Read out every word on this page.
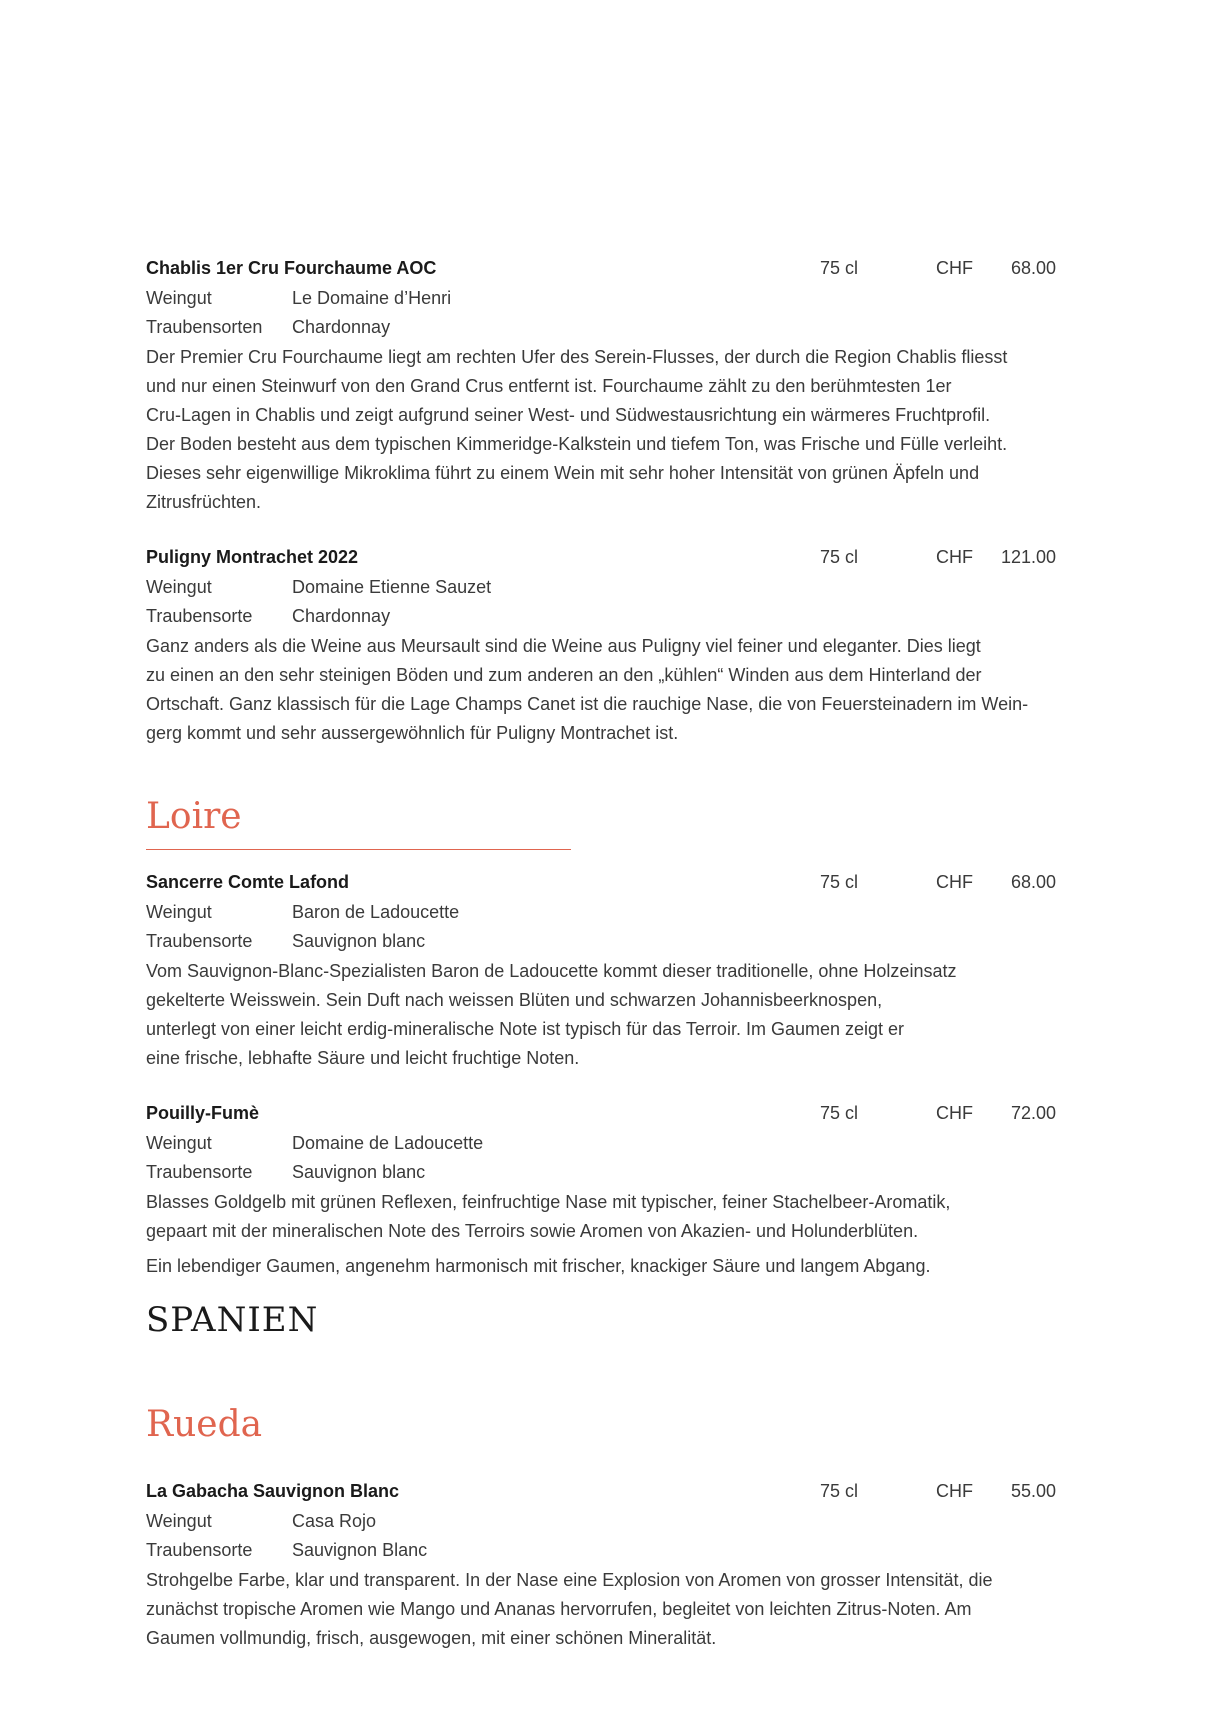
Chablis 1er Cru Fourchaume AOC	75 cl	CHF 68.00
Weingut	Le Domaine d’Henri
Traubensorten Chardonnay
Der Premier Cru Fourchaume liegt am rechten Ufer des Serein-Flusses, der durch die Region Chablis fliesst
und nur einen Steinwurf von den Grand Crus entfernt ist. Fourchaume zählt zu den berühmtesten 1er
Cru-Lagen in Chablis und zeigt aufgrund seiner West- und Südwestausrichtung ein wärmeres Fruchtprofil.
Der Boden besteht aus dem typischen Kimmeridge-Kalkstein und tiefem Ton, was Frische und Fülle verleiht.
Dieses sehr eigenwillige Mikroklima führt zu einem Wein mit sehr hoher Intensität von grünen Äpfeln und
Zitrusfrüchten.
Puligny Montrachet 2022	75 cl	CHF 121.00
Weingut	Domaine Etienne Sauzet
Traubensorte Chardonnay
Ganz anders als die Weine aus Meursault sind die Weine aus Puligny viel feiner und eleganter. Dies liegt
zu einen an den sehr steinigen Böden und zum anderen an den „kühlen“ Winden aus dem Hinterland der
Ortschaft. Ganz klassisch für die Lage Champs Canet ist die rauchige Nase, die von Feuersteinadern im Wein-
gerg kommt und sehr aussergewöhnlich für Puligny Montrachet ist.
Loire
Sancerre Comte Lafond	75 cl	CHF 68.00
Weingut	Baron de Ladoucette
Traubensorte Sauvignon blanc
Vom Sauvignon-Blanc-Spezialisten Baron de Ladoucette kommt dieser traditionelle, ohne Holzeinsatz
gekelterte Weisswein. Sein Duft nach weissen Blüten und schwarzen Johannisbeerknospen,
unterlegt von einer leicht erdig-mineralische Note ist typisch für das Terroir. Im Gaumen zeigt er
eine frische, lebhafte Säure und leicht fruchtige Noten.
Pouilly-Fumè	75 cl	CHF 72.00
Weingut	Domaine de Ladoucette
Traubensorte Sauvignon blanc
Blasses Goldgelb mit grünen Reflexen, feinfruchtige Nase mit typischer, feiner Stachelbeer-Aromatik,
gepaart mit der mineralischen Note des Terroirs sowie Aromen von Akazien- und Holunderblüten.
Ein lebendiger Gaumen, angenehm harmonisch mit frischer, knackiger Säure und langem Abgang.
SPANIEN
Rueda
La Gabacha Sauvignon Blanc	75 cl	CHF 55.00
Weingut	Casa Rojo
Traubensorte Sauvignon Blanc
Strohgelbe Farbe, klar und transparent. In der Nase eine Explosion von Aromen von grosser Intensität, die
zunächst tropische Aromen wie Mango und Ananas hervorrufen, begleitet von leichten Zitrus-Noten. Am
Gaumen vollmundig, frisch, ausgewogen, mit einer schönen Mineralität.
